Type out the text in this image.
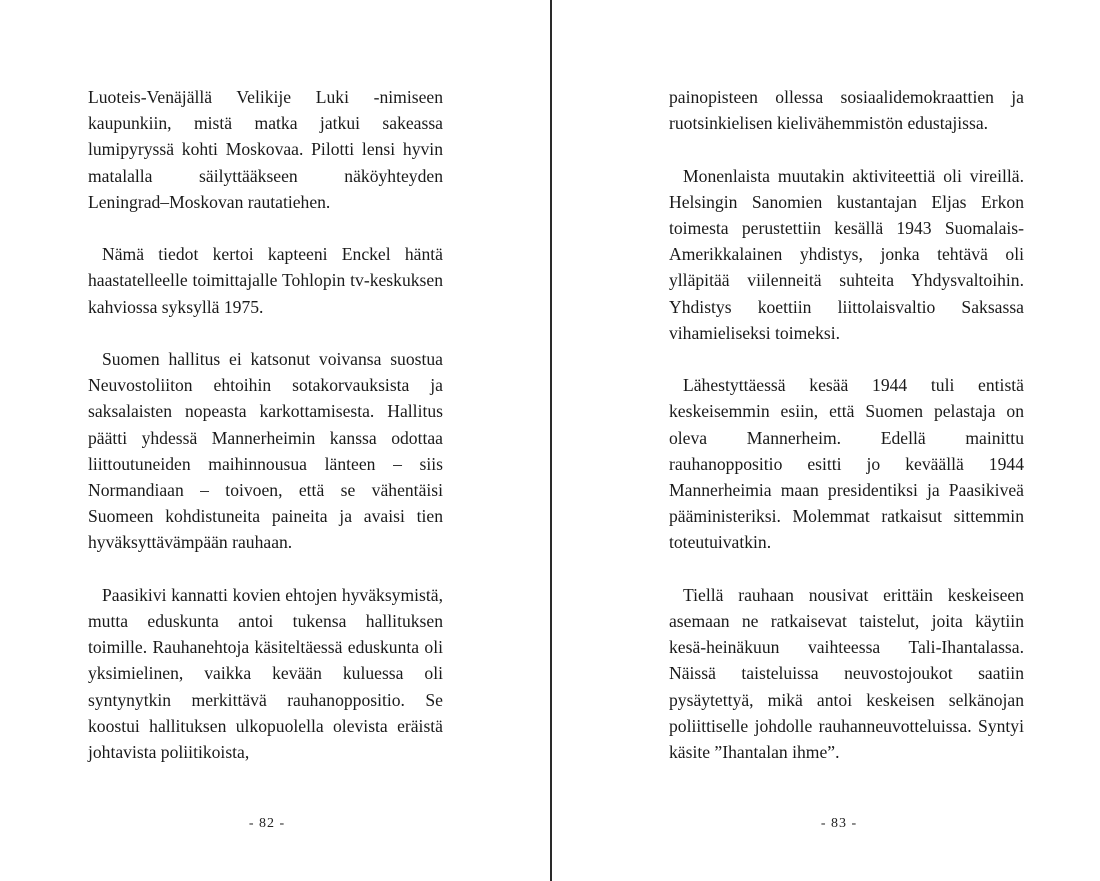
Luoteis-Venäjällä Velikije Luki -nimiseen kaupunkiin, mistä matka jatkui sakeassa lumipyryssä kohti Moskovaa. Pilotti lensi hyvin matalalla säilyttääkseen näköyhteyden Leningrad–Moskovan rautatiehen.

Nämä tiedot kertoi kapteeni Enckel häntä haastatelleelle toimittajalle Tohlopin tv-keskuksen kahviossa syksyllä 1975.

Suomen hallitus ei katsonut voivansa suostua Neuvostoliiton ehtoihin sotakorvauksista ja saksalaisten nopeasta karkottamisesta. Hallitus päätti yhdessä Mannerheimin kanssa odottaa liittoutuneiden maihinnousua länteen – siis Normandiaan – toivoen, että se vähentäisi Suomeen kohdistuneita paineita ja avaisi tien hyväksyttävämpään rauhaan.

Paasikivi kannatti kovien ehtojen hyväksymistä, mutta eduskunta antoi tukensa hallituksen toimille. Rauhanehtoja käsiteltäessä eduskunta oli yksimielinen, vaikka kevään kuluessa oli syntynytkin merkittävä rauhanoppositio. Se koostui hallituksen ulkopuolella olevista eräistä johtavista poliitikoista,

- 82 -

painopisteen ollessa sosiaalidemokraattien ja ruotsinkielisen kielivähemmistön edustajissa.

Monenlaista muutakin aktiviteettiä oli vireillä. Helsingin Sanomien kustantajan Eljas Erkon toimesta perustettiin kesällä 1943 Suomalais-Amerikkalainen yhdistys, jonka tehtävä oli ylläpitää viilenneitä suhteita Yhdysvaltoihin. Yhdistys koettiin liittolaisvaltio Saksassa vihamieliseksi toimeksi.

Lähestyttäessä kesää 1944 tuli entistä keskeisemmin esiin, että Suomen pelastaja on oleva Mannerheim. Edellä mainittu rauhanoppositio esitti jo keväällä 1944 Mannerheimia maan presidentiksi ja Paasikiveä pääministeriksi. Molemmat ratkaisut sittemmin toteutuivatkin.

Tiellä rauhaan nousivat erittäin keskeiseen asemaan ne ratkaisevat taistelut, joita käytiin kesä-heinäkuun vaihteessa Tali-Ihantalassa. Näissä taisteluissa neuvostojoukot saatiin pysäytettyä, mikä antoi keskeisen selkänojan poliittiselle johdolle rauhanneuvotteluissa. Syntyi käsite ”Ihantalan ihme”.

- 83 -
